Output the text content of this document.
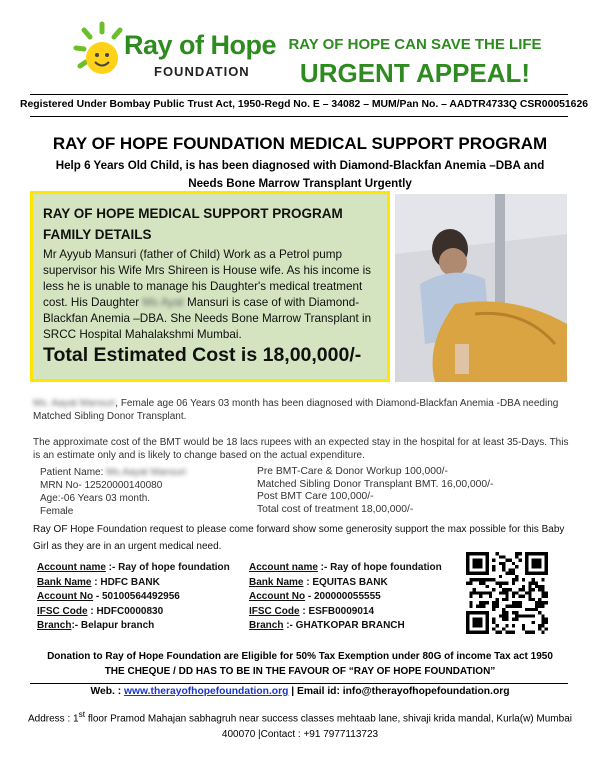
Ray of Hope
FOUNDATION
RAY OF HOPE CAN SAVE THE LIFE
URGENT APPEAL!
Registered Under Bombay Public Trust Act, 1950-Regd No. E – 34082 – MUM/Pan No. – AADTR4733Q CSR00051626
RAY OF HOPE FOUNDATION MEDICAL SUPPORT PROGRAM
Help 6 Years Old Child, is has been diagnosed with Diamond-Blackfan Anemia –DBA and
Needs Bone Marrow Transplant Urgently
RAY OF HOPE MEDICAL SUPPORT PROGRAM
FAMILY DETAILS
Mr Ayyub Mansuri (father of Child) Work as a Petrol pump supervisor his Wife Mrs Shireen is House wife. As his income is less he is unable to manage his Daughter's medical treatment cost. His Daughter Ms Ayat Mansuri is case of with Diamond-Blackfan Anemia –DBA. She Needs Bone Marrow Transplant in SRCC Hospital Mahalakshmi Mumbai.
Total Estimated Cost is 18,00,000/-
Ms. Aayat Mansuri, Female age 06 Years 03 month has been diagnosed with Diamond-Blackfan Anemia -DBA needing Matched Sibling Donor Transplant.
The approximate cost of the BMT would be 18 lacs rupees with an expected stay in the hospital for at least 35-Days. This is an estimate only and is likely to change based on the actual expenditure.
Patient Name: Ms.Aayat Mansuri
MRN No- 12520000140080
Age:-06 Years 03 month.
Female
Pre BMT-Care & Donor Workup 100,000/-
Matched Sibling Donor Transplant BMT. 16,00,000/-
Post BMT Care 100,000/-
Total cost of treatment 18,00,000/-
Ray OF Hope Foundation request to please come forward show some generosity support the max possible for this Baby Girl as they are in an urgent medical need.
Account name :- Ray of hope foundation
Bank Name : HDFC BANK
Account No - 50100564492956
IFSC Code : HDFC0000830
Branch:- Belapur branch
Account name :- Ray of hope foundation
Bank Name : EQUITAS BANK
Account No - 200000055555
IFSC Code : ESFB0009014
Branch :- GHATKOPAR BRANCH
Donation to Ray of Hope Foundation are Eligible for 50% Tax Exemption under 80G of income Tax act 1950
THE CHEQUE / DD HAS TO BE IN THE FAVOUR OF “RAY OF HOPE FOUNDATION”
Web. : www.therayofhopefoundation.org | Email id: info@therayofhopefoundation.org
Address : 1st floor Pramod Mahajan sabhagruh near success classes mehtaab lane, shivaji krida mandal, Kurla(w) Mumbai 400070 |Contact : +91 7977113723
